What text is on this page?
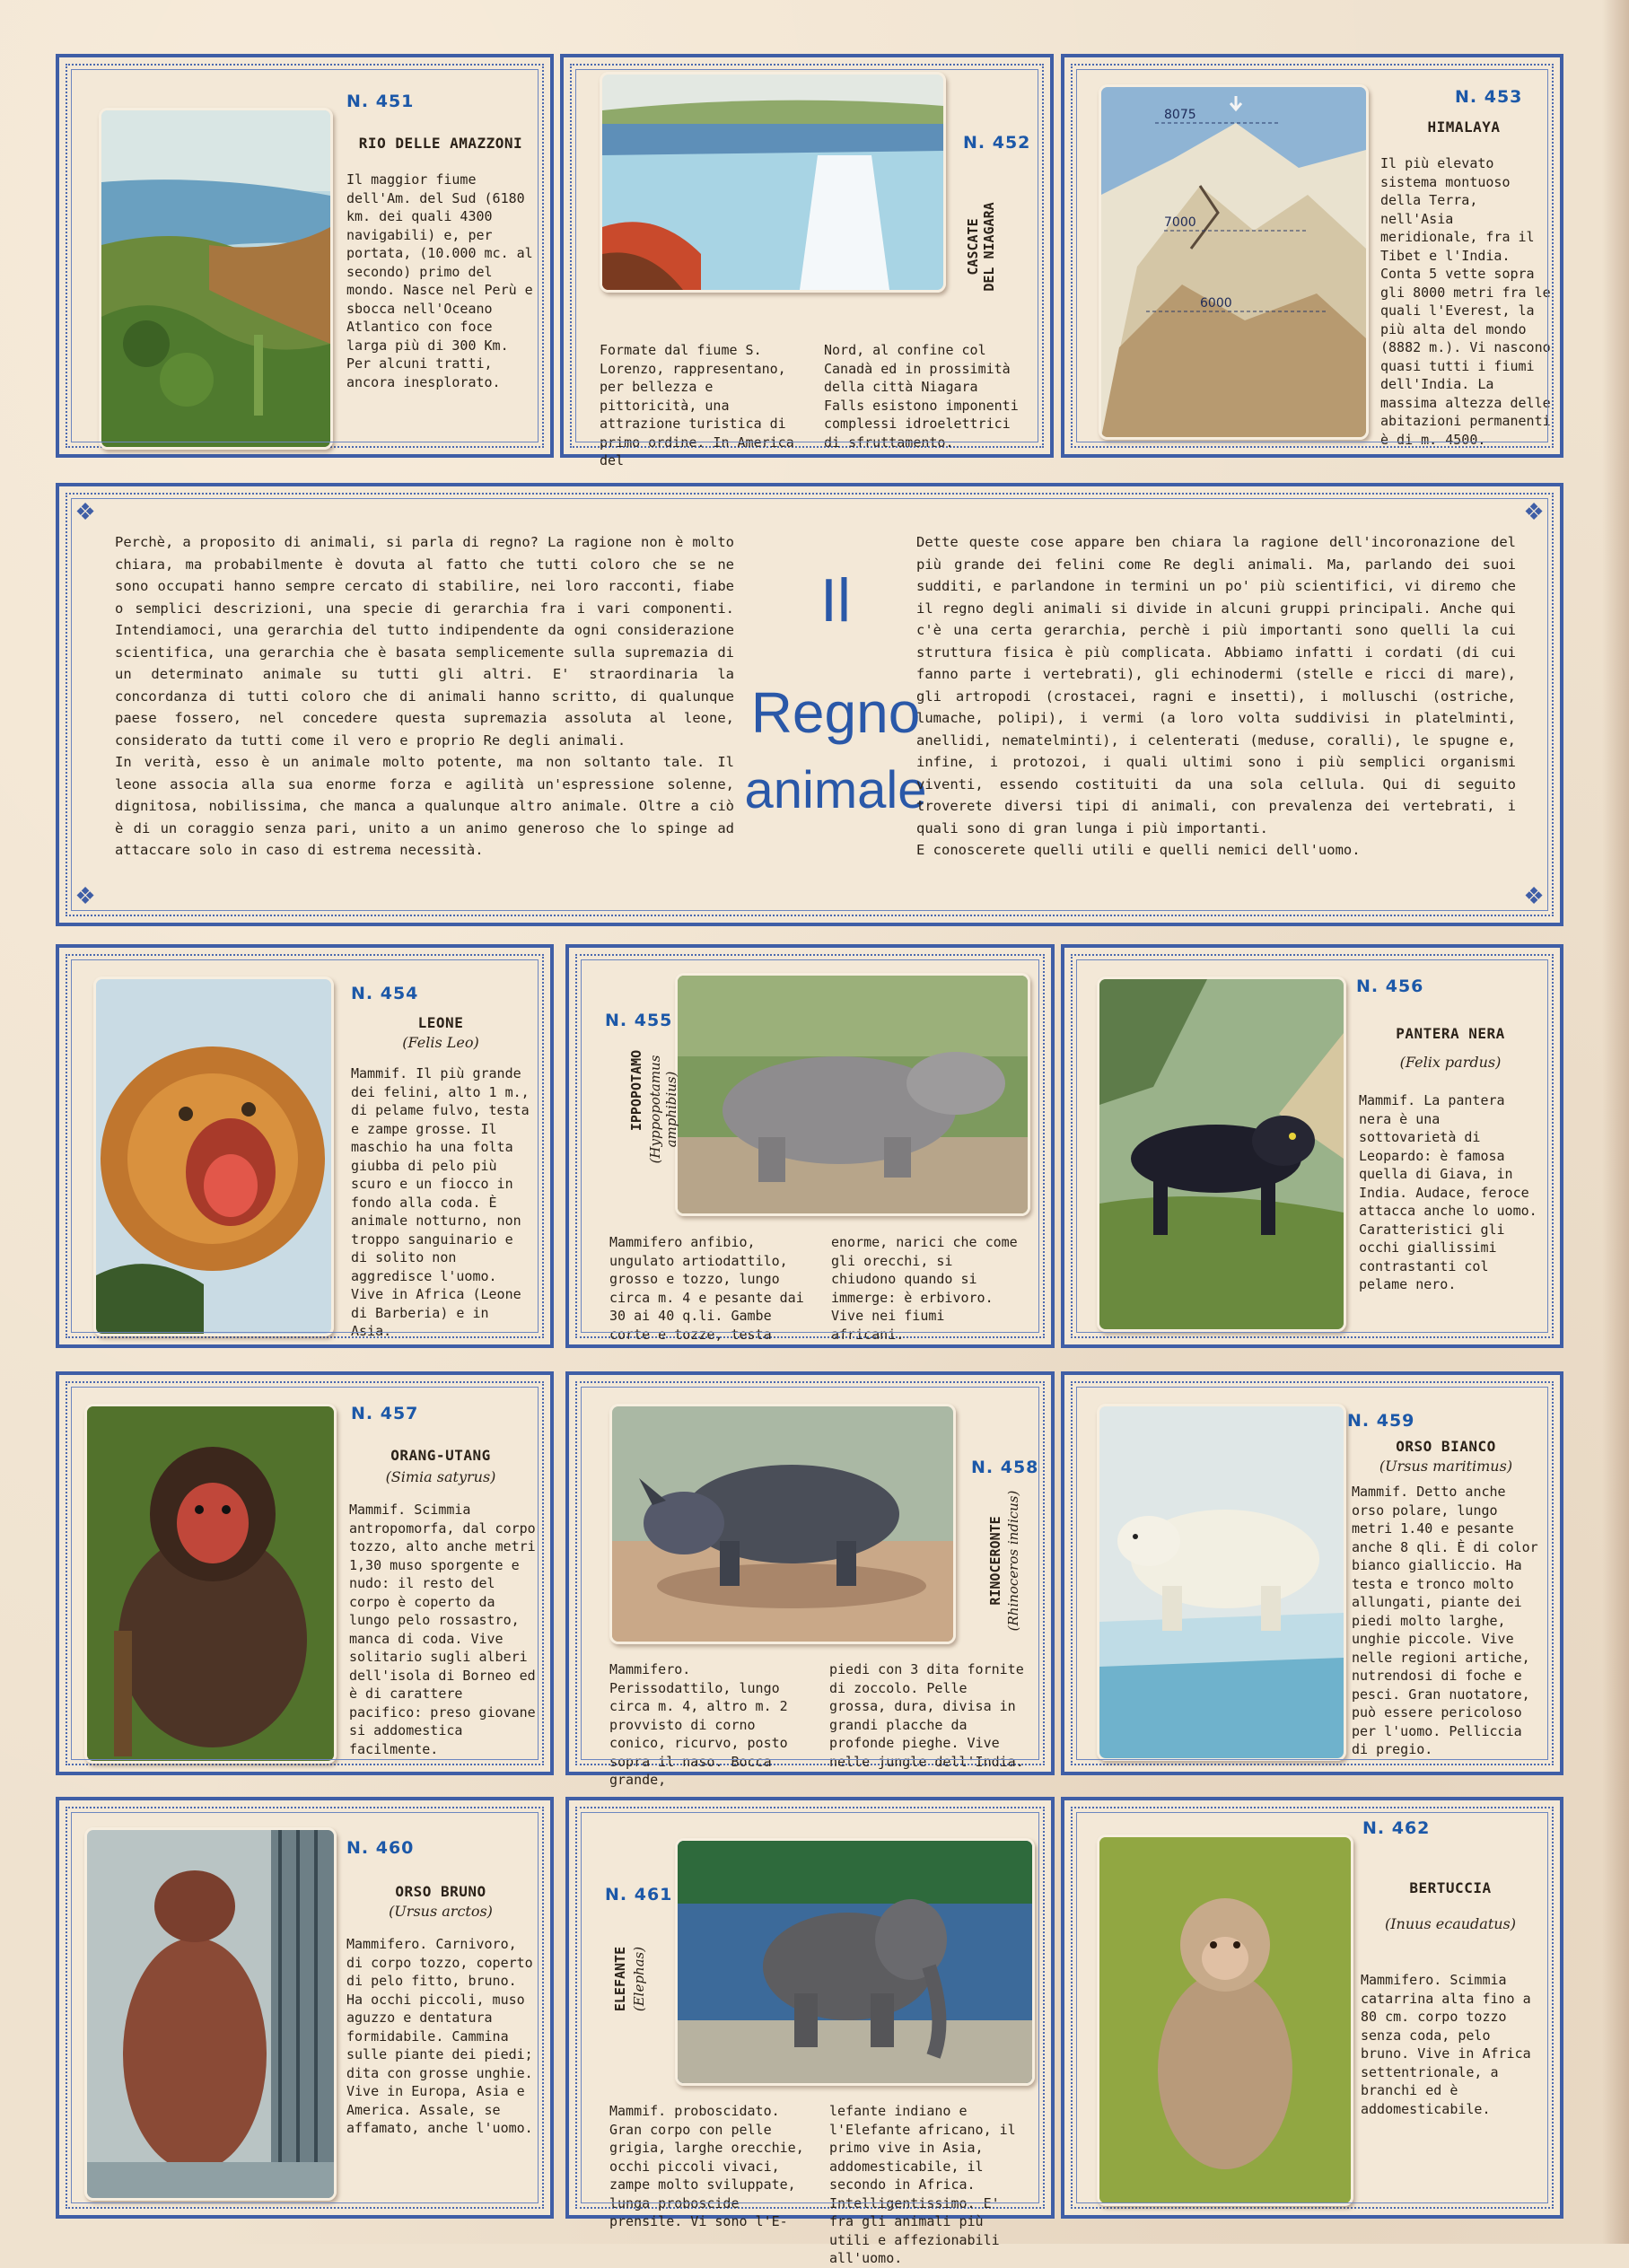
N. 451
RIO DELLE AMAZZONI
Il maggior fiume dell'Am. del Sud (6180 km. dei quali 4300 navigabili) e, per portata, (10.000 mc. al secondo) primo del mondo. Nasce nel Perù e sbocca nell'Oceano Atlantico con foce larga più di 300 Km. Per alcuni tratti, ancora inesplorato.
N. 452
CASCATE
DEL NIAGARA
Formate dal fiume S. Lorenzo, rappresentano, per bellezza e pittoricità, una attrazione turistica di primo ordine. In America del
Nord, al confine col Canadà ed in prossimità della città Niagara Falls esistono imponenti complessi idroelettrici di sfruttamento.
8075
7000
6000
N. 453
HIMALAYA
Il più elevato sistema montuoso della Terra, nell'Asia meridionale, fra il Tibet e l'India. Conta 5 vette sopra gli 8000 metri fra le quali l'Everest, la più alta del mondo (8882 m.). Vi nascono quasi tutti i fiumi dell'India. La massima altezza delle abitazioni permanenti è di m. 4500.
❖	❖
❖	❖
Perchè, a proposito di animali, si parla di regno? La ragione non è molto chiara, ma probabilmente è dovuta al fatto che tutti coloro che se ne sono occupati hanno sempre cercato di stabilire, nei loro racconti, fiabe o semplici descrizioni, una specie di gerarchia fra i vari componenti. Intendiamoci, una gerarchia del tutto indipendente da ogni considerazione scientifica, una gerarchia che è basata semplicemente sulla supremazia di un determinato animale su tutti gli altri. E' straordinaria la concordanza di tutti coloro che di animali hanno scritto, di qualunque paese fossero, nel concedere questa supremazia assoluta al leone, considerato da tutti come il vero e proprio Re degli animali.
In verità, esso è un animale molto potente, ma non soltanto tale. Il leone associa alla sua enorme forza e agilità un'espressione solenne, dignitosa, nobilissima, che manca a qualunque altro animale. Oltre a ciò è di un coraggio senza pari, unito a un animo generoso che lo spinge ad attaccare solo in caso di estrema necessità.
Il
Regno
animale
Dette queste cose appare ben chiara la ragione dell'incoronazione del più grande dei felini come Re degli animali. Ma, parlando dei suoi sudditi, e parlandone in termini un po' più scientifici, vi diremo che il regno degli animali si divide in alcuni gruppi principali. Anche qui c'è una certa gerarchia, perchè i più importanti sono quelli la cui struttura fisica è più complicata. Abbiamo infatti i cordati (di cui fanno parte i vertebrati), gli echinodermi (stelle e ricci di mare), gli artropodi (crostacei, ragni e insetti), i molluschi (ostriche, lumache, polipi), i vermi (a loro volta suddivisi in platelminti, anellidi, nematelminti), i celenterati (meduse, coralli), le spugne e, infine, i protozoi, i quali ultimi sono i più semplici organismi viventi, essendo costituiti da una sola cellula. Qui di seguito troverete diversi tipi di animali, con prevalenza dei vertebrati, i quali sono di gran lunga i più importanti.
E conoscerete quelli utili e quelli nemici dell'uomo.
N. 454
LEONE
(Felis Leo)
Mammif. Il più grande dei felini, alto 1 m., di pelame fulvo, testa e zampe grosse. Il maschio ha una folta giubba di pelo più scuro e un fiocco in fondo alla coda. È animale notturno, non troppo sanguinario e di solito non aggredisce l'uomo. Vive in Africa (Leone di Barberia) e in Asia.
N. 455
IPPOPOTAMO (Hyppopotamus
amphibius)
Mammifero anfibio, ungulato artiodattilo, grosso e tozzo, lungo circa m. 4 e pesante dai 30 ai 40 q.li. Gambe corte e tozze, testa
enorme, narici che come gli orecchi, si chiudono quando si immerge: è erbivoro. Vive nei fiumi africani.
N. 456
PANTERA NERA
(Felix pardus)
Mammif. La pantera nera è una sottovarietà di Leopardo: è famosa quella di Giava, in India. Audace, feroce attacca anche lo uomo. Caratteristici gli occhi giallissimi contrastanti col pelame nero.
N. 457
ORANG-UTANG
(Simia satyrus)
Mammif. Scimmia antropomorfa, dal corpo tozzo, alto anche metri 1,30 muso sporgente e nudo: il resto del corpo è coperto da lungo pelo rossastro, manca di coda. Vive solitario sugli alberi dell'isola di Borneo ed è di carattere pacifico: preso giovane si addomestica facilmente.
N. 458
RINOCERONTE (Rhinoceros indicus)
Mammifero. Perissodattilo, lungo circa m. 4, altro m. 2 provvisto di corno conico, ricurvo, posto sopra il naso. Bocca grande,
piedi con 3 dita fornite di zoccolo. Pelle grossa, dura, divisa in grandi placche da profonde pieghe. Vive nelle jungle dell'India.
N. 459
ORSO BIANCO
(Ursus maritimus)
Mammif. Detto anche orso polare, lungo metri 1.40 e pesante anche 8 qli. È di color bianco gialliccio. Ha testa e tronco molto allungati, piante dei piedi molto larghe, unghie piccole. Vive nelle regioni artiche, nutrendosi di foche e pesci. Gran nuotatore, può essere pericoloso per l'uomo. Pelliccia di pregio.
N. 460
ORSO BRUNO
(Ursus arctos)
Mammifero. Carnivoro, di corpo tozzo, coperto di pelo fitto, bruno. Ha occhi piccoli, muso aguzzo e dentatura formidabile. Cammina sulle piante dei piedi; dita con grosse unghie. Vive in Europa, Asia e America. Assale, se affamato, anche l'uomo.
N. 461
ELEFANTE (Elephas)
Mammif. proboscidato. Gran corpo con pelle grigia, larghe orecchie, occhi piccoli vivaci, zampe molto sviluppate, lunga proboscide prensile. Vi sono l'E-
lefante indiano e l'Elefante africano, il primo vive in Asia, addomesticabile, il secondo in Africa. Intelligentissimo. E' fra gli animali più utili e affezionabili all'uomo.
N. 462
BERTUCCIA
(Inuus ecaudatus)
Mammifero. Scimmia catarrina alta fino a 80 cm. corpo tozzo senza coda, pelo bruno. Vive in Africa settentrionale, a branchi ed è addomesticabile.
